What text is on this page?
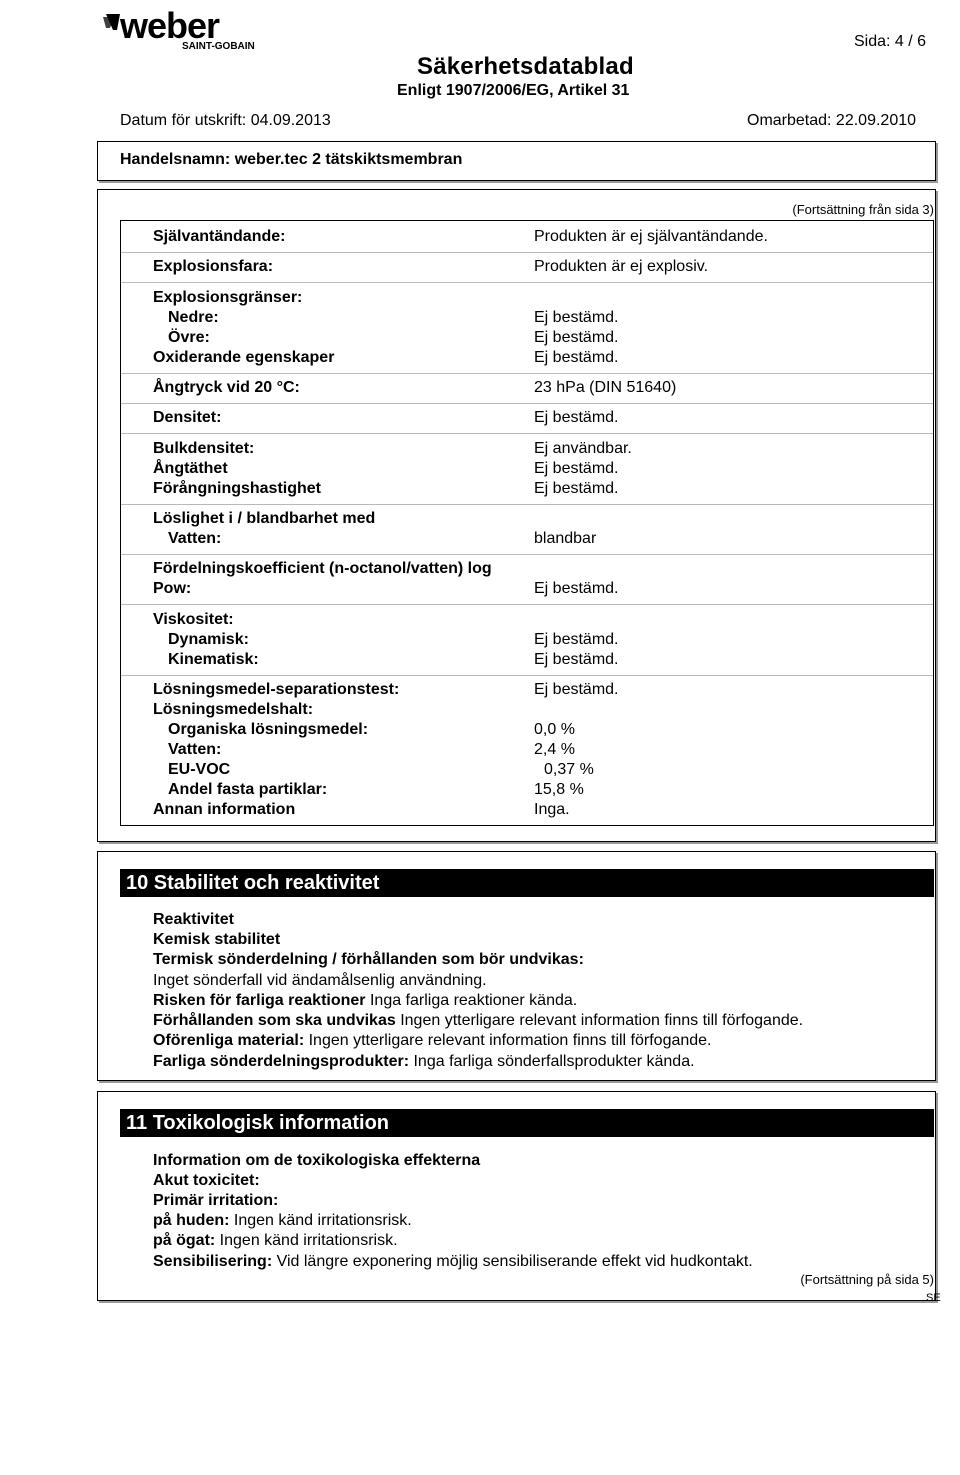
weber
SAINT-GOBAIN
Säkerhetsdatablad
Enligt 1907/2006/EG, Artikel 31
Sida: 4 / 6
Datum för utskrift: 04.09.2013	Omarbetad: 22.09.2010
Handelsnamn: weber.tec 2 tätskiktsmembran
(Fortsättning från sida 3)
Självantändande:	Produkten är ej självantändande.
Explosionsfara:	Produkten är ej explosiv.
Explosionsgränser:
Nedre:	Ej bestämd.
Övre:	Ej bestämd.
Oxiderande egenskaper	Ej bestämd.
Ångtryck vid 20 °C:	23 hPa (DIN 51640)
Densitet:	Ej bestämd.
Bulkdensitet:	Ej användbar.
Ångtäthet	Ej bestämd.
Förångningshastighet	Ej bestämd.
Löslighet i / blandbarhet med
Vatten:	blandbar
Fördelningskoefficient (n-octanol/vatten) log
Pow:	Ej bestämd.
Viskositet:
Dynamisk:	Ej bestämd.
Kinematisk:	Ej bestämd.
Lösningsmedel-separationstest:	Ej bestämd.
Lösningsmedelshalt:
Organiska lösningsmedel:	0,0 %
Vatten:	2,4 %
EU-VOC	0,37 %
Andel fasta partiklar:	15,8 %
Annan information	Inga.
10 Stabilitet och reaktivitet
Reaktivitet
Kemisk stabilitet
Termisk sönderdelning / förhållanden som bör undvikas:
Inget sönderfall vid ändamålsenlig användning.
Risken för farliga reaktioner Inga farliga reaktioner kända.
Förhållanden som ska undvikas Ingen ytterligare relevant information finns till förfogande.
Oförenliga material: Ingen ytterligare relevant information finns till förfogande.
Farliga sönderdelningsprodukter: Inga farliga sönderfallsprodukter kända.
11 Toxikologisk information
Information om de toxikologiska effekterna
Akut toxicitet:
Primär irritation:
på huden: Ingen känd irritationsrisk.
på ögat: Ingen känd irritationsrisk.
Sensibilisering: Vid längre exponering möjlig sensibiliserande effekt vid hudkontakt.
(Fortsättning på sida 5)
SE
